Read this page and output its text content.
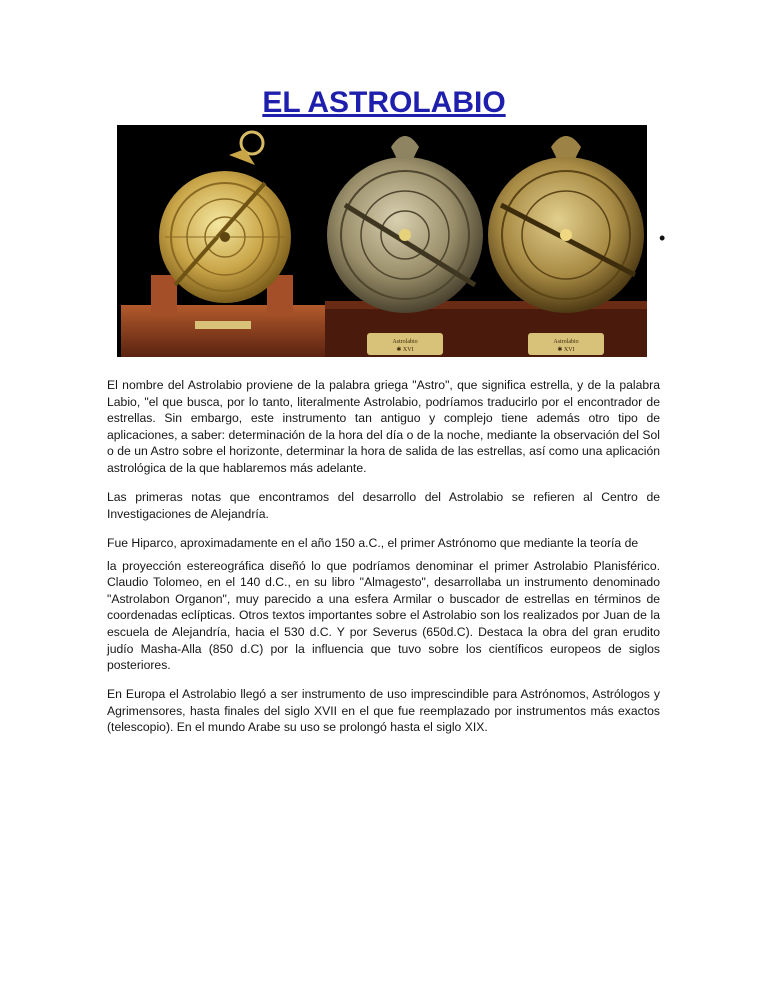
EL ASTROLABIO
Astrolabio
✱ XVI
Astrolabio
✱ XVI
•

El nombre del Astrolabio proviene de la palabra griega "Astro", que significa estrella, y de la palabra Labio, "el que busca, por lo tanto, literalmente Astrolabio, podríamos traducirlo por el encontrador de estrellas. Sin embargo, este instrumento tan antiguo y complejo tiene además otro tipo de aplicaciones, a saber: determinación de la hora del día o de la noche, mediante la observación del Sol o de un Astro sobre el horizonte, determinar la hora de salida de las estrellas, así como una aplicación astrológica de la que hablaremos más adelante.

Las primeras notas que encontramos del desarrollo del Astrolabio se refieren al Centro de Investigaciones de Alejandría.

Fue Hiparco, aproximadamente en el año 150 a.C., el primer Astrónomo que mediante la teoría de
la proyección estereográfica diseñó lo que podríamos denominar el primer Astrolabio Planisférico. Claudio Tolomeo, en el 140 d.C., en su libro "Almagesto", desarrollaba un instrumento denominado "Astrolabon Organon", muy parecido a una esfera Armilar o buscador de estrellas en términos de coordenadas eclípticas. Otros textos importantes sobre el Astrolabio son los realizados por Juan de la escuela de Alejandría, hacia el 530 d.C. Y por Severus (650d.C). Destaca la obra del gran erudito judío Masha-Alla (850 d.C) por la influencia que tuvo sobre los científicos europeos de siglos posteriores.

En Europa el Astrolabio llegó a ser instrumento de uso imprescindible para Astrónomos, Astrólogos y Agrimensores, hasta finales del siglo XVII en el que fue reemplazado por instrumentos más exactos (telescopio). En el mundo Arabe su uso se prolongó hasta el siglo XIX.
